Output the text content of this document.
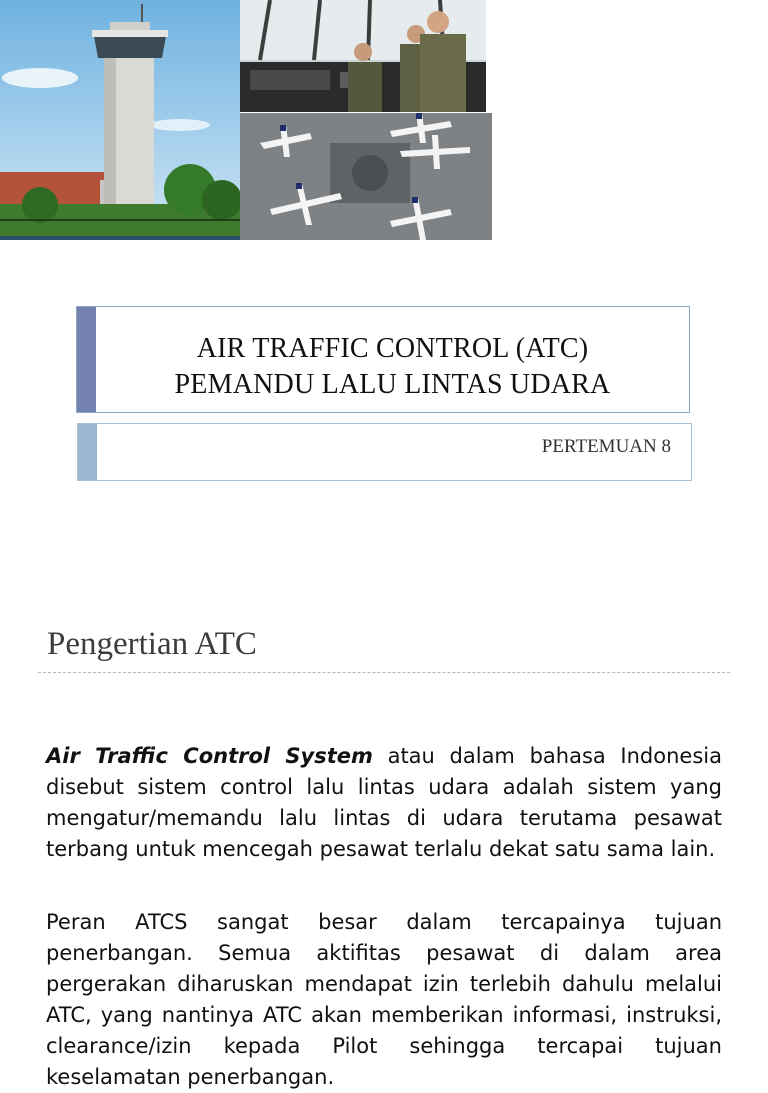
AIR TRAFFIC CONTROL (ATC)
PEMANDU LALU LINTAS UDARA
PERTEMUAN 8
Pengertian ATC

Air Traffic Control System atau dalam bahasa Indonesia disebut sistem control lalu lintas udara adalah sistem yang mengatur/memandu lalu lintas di udara terutama pesawat terbang untuk mencegah pesawat terlalu dekat satu sama lain.

Peran ATCS sangat besar dalam tercapainya tujuan penerbangan. Semua aktifitas pesawat di dalam area pergerakan diharuskan mendapat izin terlebih dahulu melalui ATC, yang nantinya ATC akan memberikan informasi, instruksi, clearance/izin kepada Pilot sehingga tercapai tujuan keselamatan penerbangan.
